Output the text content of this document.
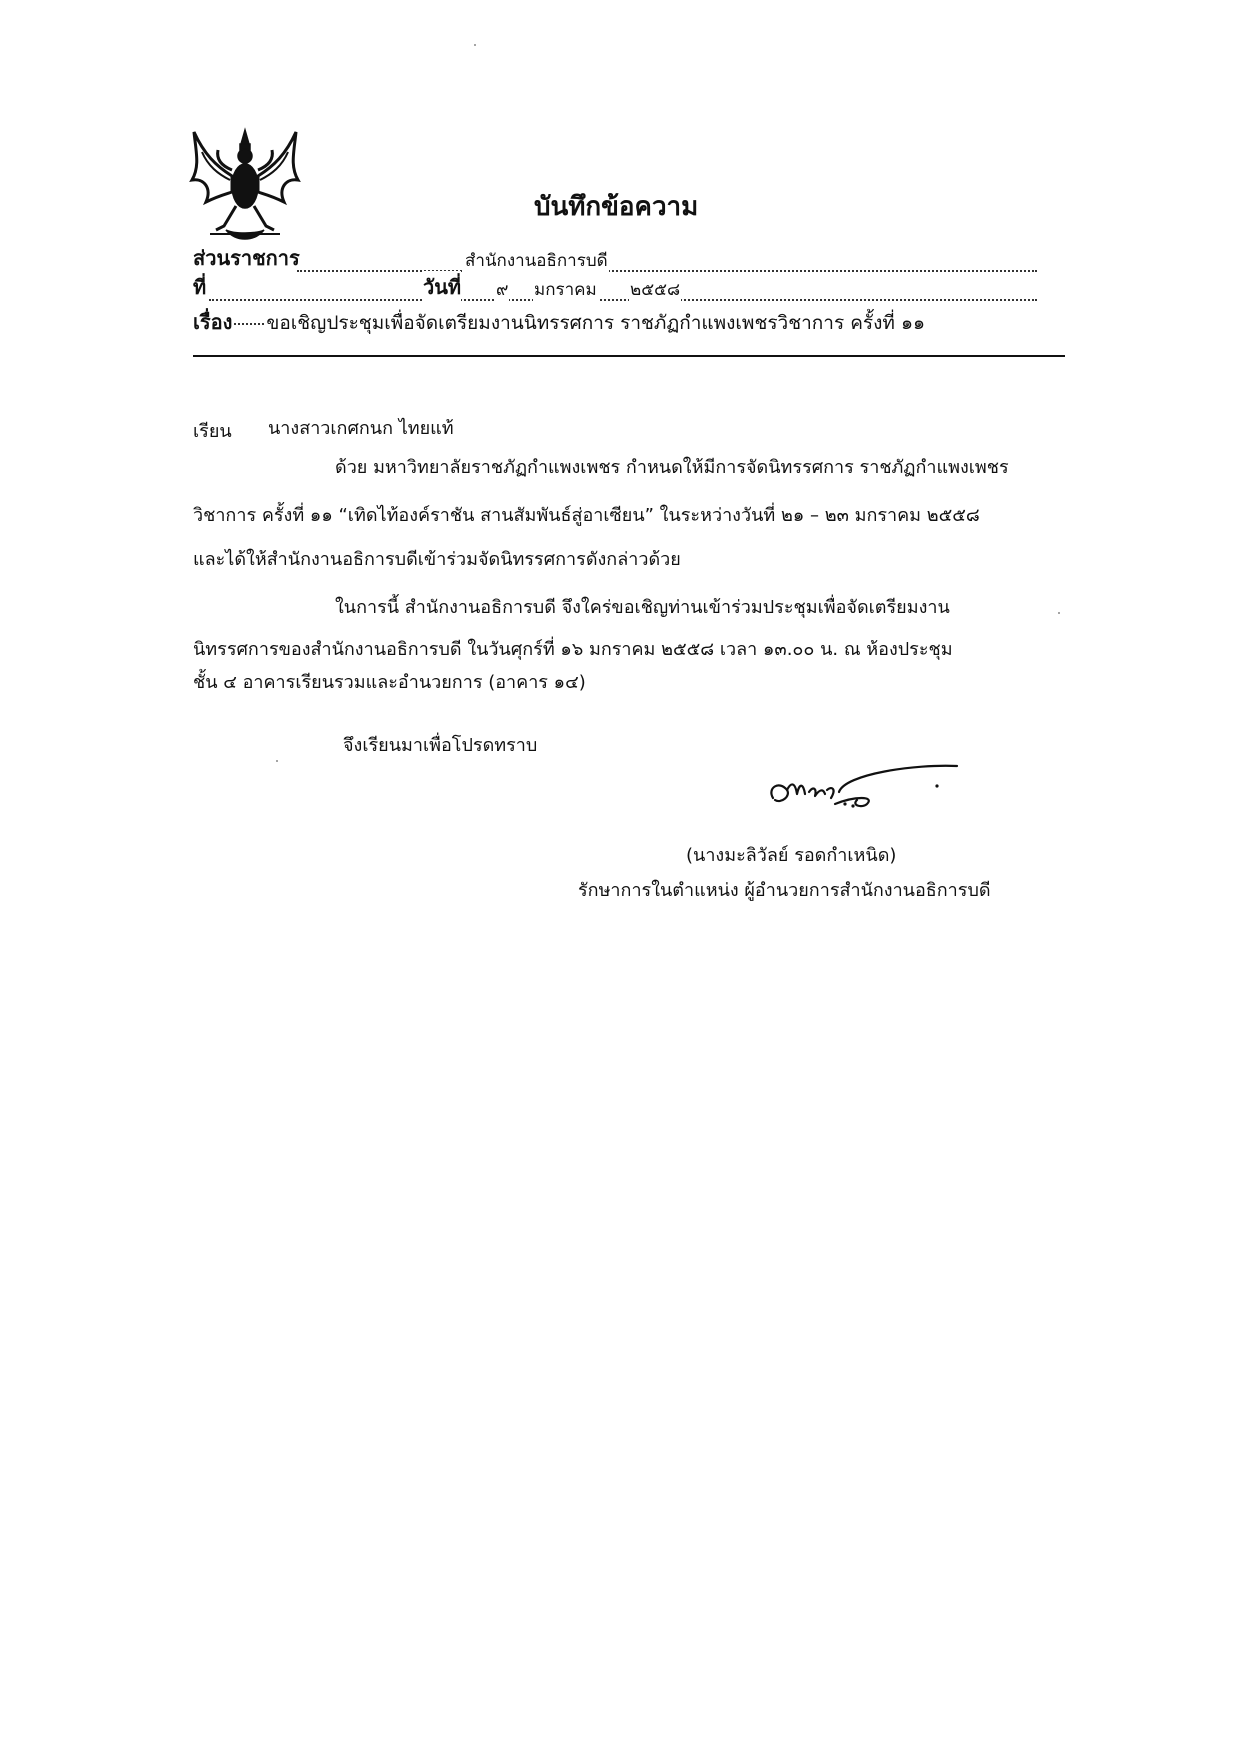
บันทึกข้อความ
ส่วนราชการ	สำนักงานอธิการบดี
ที่	วันที่ ๙ มกราคม ๒๕๕๘
เรื่อง ขอเชิญประชุมเพื่อจัดเตรียมงานนิทรรศการ ราชภัฏกำแพงเพชรวิชาการ ครั้งที่ ๑๑
เรียน นางสาวเกศกนก ไทยแท้
ด้วย มหาวิทยาลัยราชภัฏกำแพงเพชร กำหนดให้มีการจัดนิทรรศการ ราชภัฏกำแพงเพชร
วิชาการ ครั้งที่ ๑๑ “เทิดไท้องค์ราชัน สานสัมพันธ์สู่อาเซียน” ในระหว่างวันที่ ๒๑ – ๒๓ มกราคม ๒๕๕๘
และได้ให้สำนักงานอธิการบดีเข้าร่วมจัดนิทรรศการดังกล่าวด้วย
ในการนี้ สำนักงานอธิการบดี จึงใคร่ขอเชิญท่านเข้าร่วมประชุมเพื่อจัดเตรียมงาน
นิทรรศการของสำนักงานอธิการบดี ในวันศุกร์ที่ ๑๖ มกราคม ๒๕๕๘ เวลา ๑๓.๐๐ น. ณ ห้องประชุม
ชั้น ๔ อาคารเรียนรวมและอำนวยการ (อาคาร ๑๔)
จึงเรียนมาเพื่อโปรดทราบ
(นางมะลิวัลย์ รอดกำเหนิด)
รักษาการในตำแหน่ง ผู้อำนวยการสำนักงานอธิการบดี
